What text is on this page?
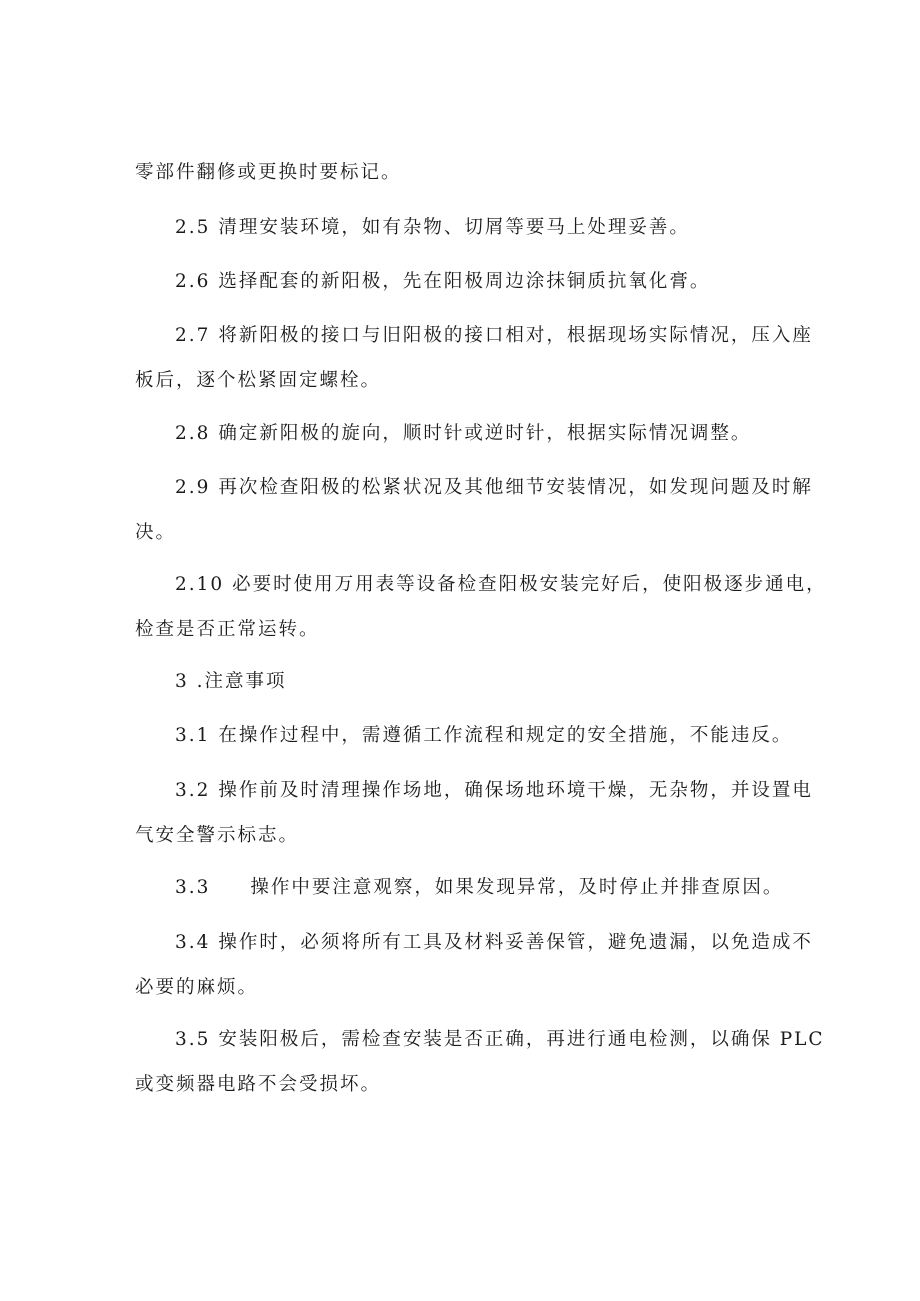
零部件翻修或更换时要标记。

2.5 清理安装环境，如有杂物、切屑等要马上处理妥善。

2.6 选择配套的新阳极，先在阳极周边涂抹铜质抗氧化膏。

2.7 将新阳极的接口与旧阳极的接口相对，根据现场实际情况，压入座
板后，逐个松紧固定螺栓。

2.8 确定新阳极的旋向，顺时针或逆时针，根据实际情况调整。

2.9 再次检查阳极的松紧状况及其他细节安装情况，如发现问题及时解
决。

2.10 必要时使用万用表等设备检查阳极安装完好后，使阳极逐步通电，
检查是否正常运转。

3 .注意事项

3.1 在操作过程中，需遵循工作流程和规定的安全措施，不能违反。

3.2 操作前及时清理操作场地，确保场地环境干燥，无杂物，并设置电
气安全警示标志。

3.3 操作中要注意观察，如果发现异常，及时停止并排查原因。

3.4 操作时，必须将所有工具及材料妥善保管，避免遗漏，以免造成不
必要的麻烦。

3.5 安装阳极后，需检查安装是否正确，再进行通电检测，以确保 PLC
或变频器电路不会受损坏。
